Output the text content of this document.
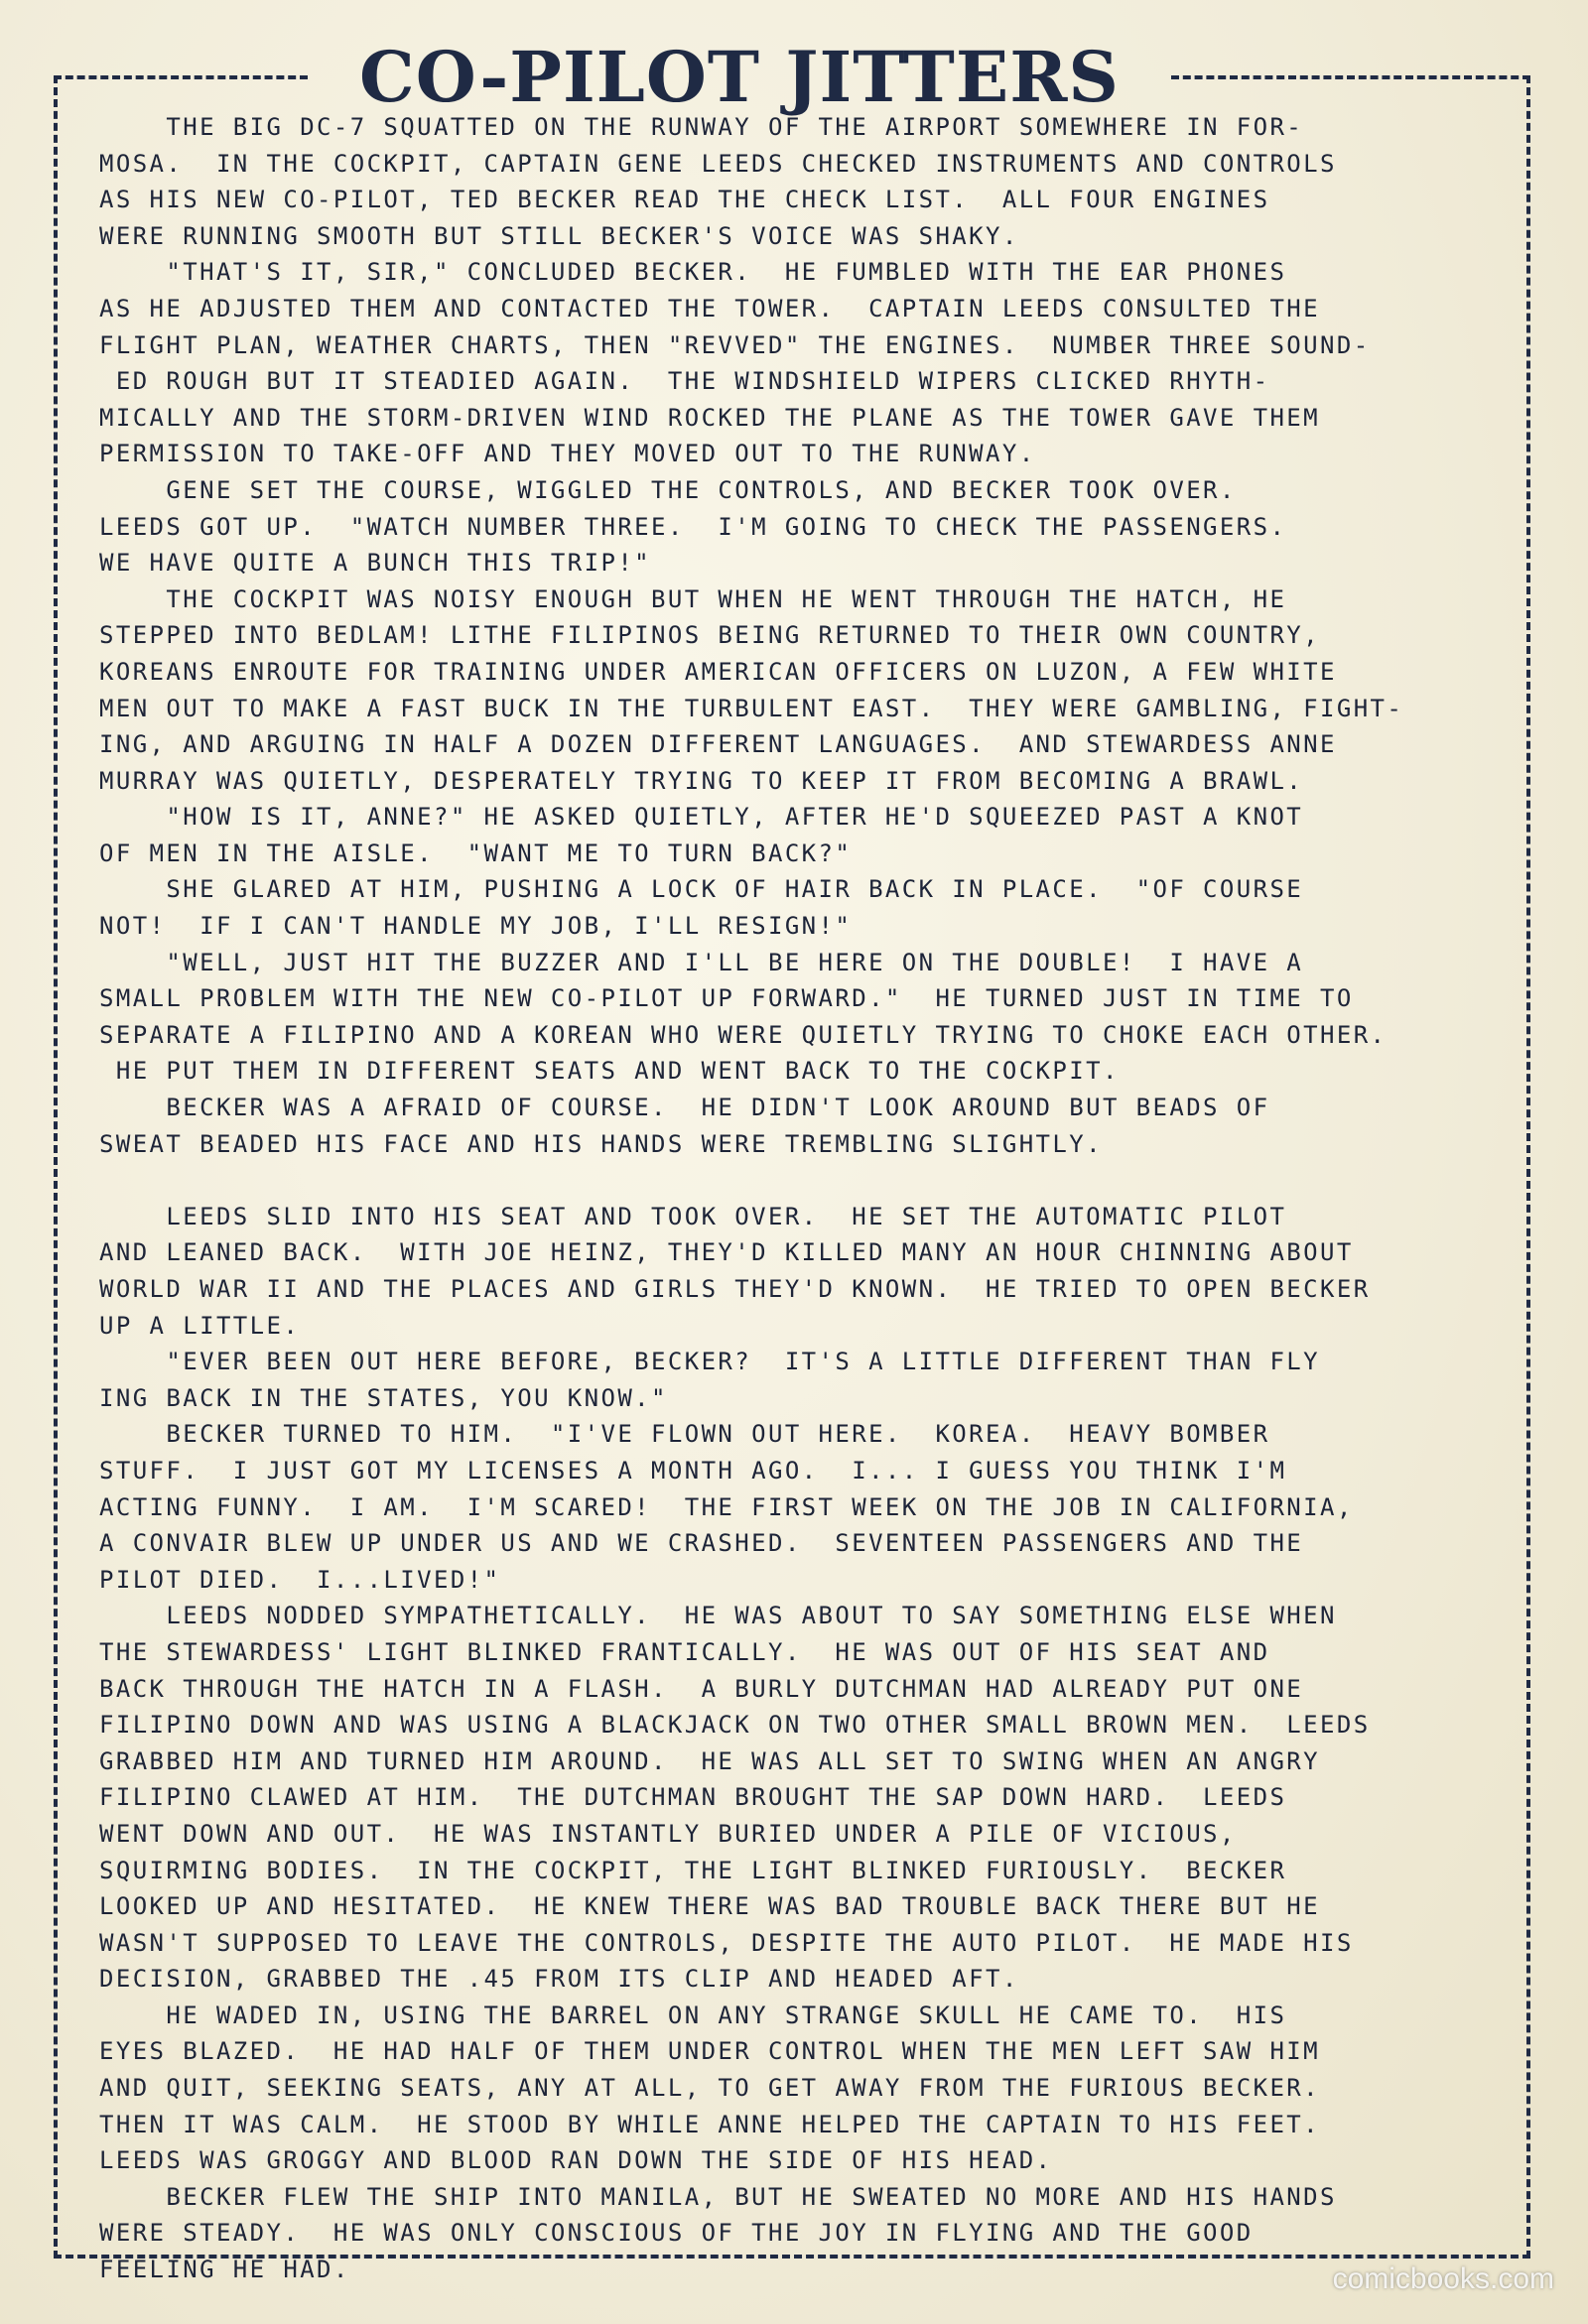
CO-PILOT JITTERS
THE BIG DC-7 SQUATTED ON THE RUNWAY OF THE AIRPORT SOMEWHERE IN FOR-
MOSA.  IN THE COCKPIT, CAPTAIN GENE LEEDS CHECKED INSTRUMENTS AND CONTROLS
AS HIS NEW CO-PILOT, TED BECKER READ THE CHECK LIST.  ALL FOUR ENGINES
WERE RUNNING SMOOTH BUT STILL BECKER'S VOICE WAS SHAKY.
"THAT'S IT, SIR," CONCLUDED BECKER.  HE FUMBLED WITH THE EAR PHONES
AS HE ADJUSTED THEM AND CONTACTED THE TOWER.  CAPTAIN LEEDS CONSULTED THE
FLIGHT PLAN, WEATHER CHARTS, THEN "REVVED" THE ENGINES.  NUMBER THREE SOUND-
ED ROUGH BUT IT STEADIED AGAIN.  THE WINDSHIELD WIPERS CLICKED RHYTH-
MICALLY AND THE STORM-DRIVEN WIND ROCKED THE PLANE AS THE TOWER GAVE THEM
PERMISSION TO TAKE-OFF AND THEY MOVED OUT TO THE RUNWAY.
GENE SET THE COURSE, WIGGLED THE CONTROLS, AND BECKER TOOK OVER.
LEEDS GOT UP.  "WATCH NUMBER THREE.  I'M GOING TO CHECK THE PASSENGERS.
WE HAVE QUITE A BUNCH THIS TRIP!"
THE COCKPIT WAS NOISY ENOUGH BUT WHEN HE WENT THROUGH THE HATCH, HE
STEPPED INTO BEDLAM! LITHE FILIPINOS BEING RETURNED TO THEIR OWN COUNTRY,
KOREANS ENROUTE FOR TRAINING UNDER AMERICAN OFFICERS ON LUZON, A FEW WHITE
MEN OUT TO MAKE A FAST BUCK IN THE TURBULENT EAST.  THEY WERE GAMBLING, FIGHT-
ING, AND ARGUING IN HALF A DOZEN DIFFERENT LANGUAGES.  AND STEWARDESS ANNE
MURRAY WAS QUIETLY, DESPERATELY TRYING TO KEEP IT FROM BECOMING A BRAWL.
"HOW IS IT, ANNE?" HE ASKED QUIETLY, AFTER HE'D SQUEEZED PAST A KNOT
OF MEN IN THE AISLE.  "WANT ME TO TURN BACK?"
SHE GLARED AT HIM, PUSHING A LOCK OF HAIR BACK IN PLACE.  "OF COURSE
NOT!  IF I CAN'T HANDLE MY JOB, I'LL RESIGN!"
"WELL, JUST HIT THE BUZZER AND I'LL BE HERE ON THE DOUBLE!  I HAVE A
SMALL PROBLEM WITH THE NEW CO-PILOT UP FORWARD."  HE TURNED JUST IN TIME TO
SEPARATE A FILIPINO AND A KOREAN WHO WERE QUIETLY TRYING TO CHOKE EACH OTHER.
HE PUT THEM IN DIFFERENT SEATS AND WENT BACK TO THE COCKPIT.
BECKER WAS A AFRAID OF COURSE.  HE DIDN'T LOOK AROUND BUT BEADS OF
SWEAT BEADED HIS FACE AND HIS HANDS WERE TREMBLING SLIGHTLY.
LEEDS SLID INTO HIS SEAT AND TOOK OVER.  HE SET THE AUTOMATIC PILOT
AND LEANED BACK.  WITH JOE HEINZ, THEY'D KILLED MANY AN HOUR CHINNING ABOUT
WORLD WAR II AND THE PLACES AND GIRLS THEY'D KNOWN.  HE TRIED TO OPEN BECKER
UP A LITTLE.
"EVER BEEN OUT HERE BEFORE, BECKER?  IT'S A LITTLE DIFFERENT THAN FLY
ING BACK IN THE STATES, YOU KNOW."
BECKER TURNED TO HIM.  "I'VE FLOWN OUT HERE.  KOREA.  HEAVY BOMBER
STUFF.  I JUST GOT MY LICENSES A MONTH AGO.  I... I GUESS YOU THINK I'M
ACTING FUNNY.  I AM.  I'M SCARED!  THE FIRST WEEK ON THE JOB IN CALIFORNIA,
A CONVAIR BLEW UP UNDER US AND WE CRASHED.  SEVENTEEN PASSENGERS AND THE
PILOT DIED.  I...LIVED!"
LEEDS NODDED SYMPATHETICALLY.  HE WAS ABOUT TO SAY SOMETHING ELSE WHEN
THE STEWARDESS' LIGHT BLINKED FRANTICALLY.  HE WAS OUT OF HIS SEAT AND
BACK THROUGH THE HATCH IN A FLASH.  A BURLY DUTCHMAN HAD ALREADY PUT ONE
FILIPINO DOWN AND WAS USING A BLACKJACK ON TWO OTHER SMALL BROWN MEN.  LEEDS
GRABBED HIM AND TURNED HIM AROUND.  HE WAS ALL SET TO SWING WHEN AN ANGRY
FILIPINO CLAWED AT HIM.  THE DUTCHMAN BROUGHT THE SAP DOWN HARD.  LEEDS
WENT DOWN AND OUT.  HE WAS INSTANTLY BURIED UNDER A PILE OF VICIOUS,
SQUIRMING BODIES.  IN THE COCKPIT, THE LIGHT BLINKED FURIOUSLY.  BECKER
LOOKED UP AND HESITATED.  HE KNEW THERE WAS BAD TROUBLE BACK THERE BUT HE
WASN'T SUPPOSED TO LEAVE THE CONTROLS, DESPITE THE AUTO PILOT.  HE MADE HIS
DECISION, GRABBED THE .45 FROM ITS CLIP AND HEADED AFT.
HE WADED IN, USING THE BARREL ON ANY STRANGE SKULL HE CAME TO.  HIS
EYES BLAZED.  HE HAD HALF OF THEM UNDER CONTROL WHEN THE MEN LEFT SAW HIM
AND QUIT, SEEKING SEATS, ANY AT ALL, TO GET AWAY FROM THE FURIOUS BECKER.
THEN IT WAS CALM.  HE STOOD BY WHILE ANNE HELPED THE CAPTAIN TO HIS FEET.
LEEDS WAS GROGGY AND BLOOD RAN DOWN THE SIDE OF HIS HEAD.
BECKER FLEW THE SHIP INTO MANILA, BUT HE SWEATED NO MORE AND HIS HANDS
WERE STEADY.  HE WAS ONLY CONSCIOUS OF THE JOY IN FLYING AND THE GOOD
FEELING HE HAD.	comicbooks.com
